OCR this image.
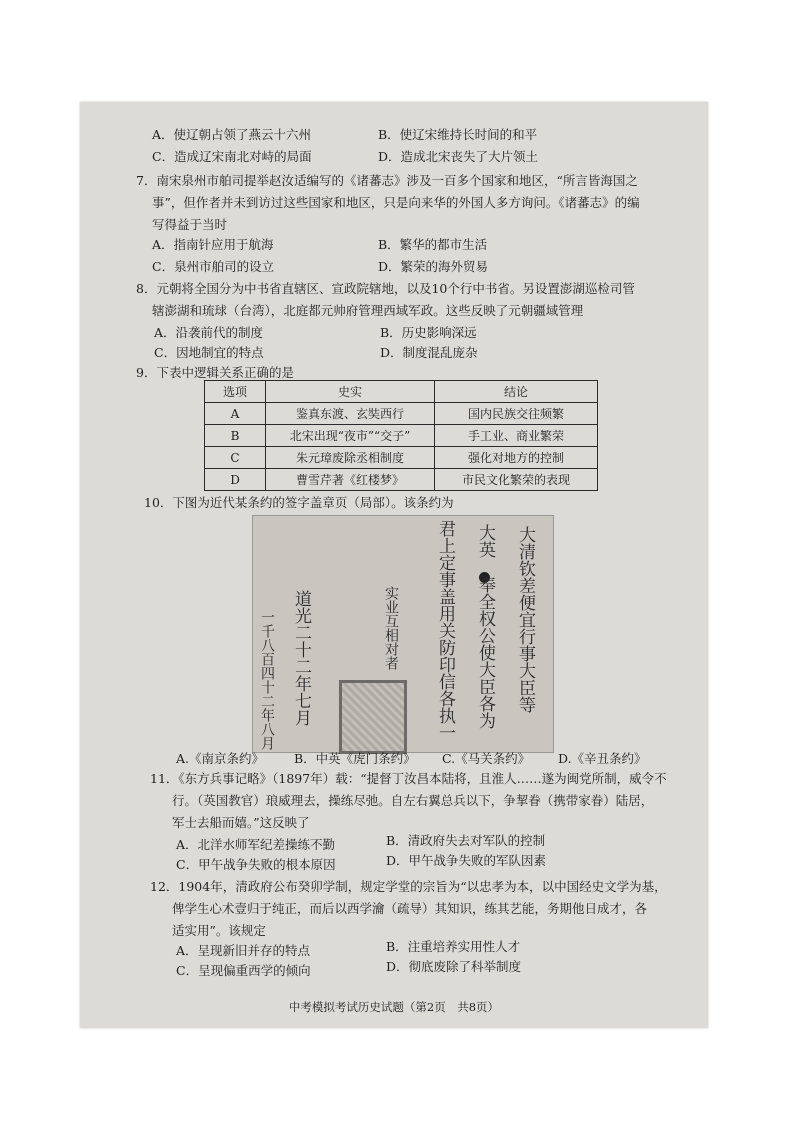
A．使辽朝占领了燕云十六州	B．使辽宋维持长时间的和平
C．造成辽宋南北对峙的局面	D．造成北宋丧失了大片领土
7．南宋泉州市舶司提举赵汝适编写的《诸蕃志》涉及一百多个国家和地区，“所言皆海国之
事”，但作者并未到访过这些国家和地区，只是向来华的外国人多方询问。《诸蕃志》的编
写得益于当时
A．指南针应用于航海	B．繁华的都市生活
C．泉州市舶司的设立	D．繁荣的海外贸易
8．元朝将全国分为中书省直辖区、宣政院辖地，以及10个行中书省。另设置澎湖巡检司管
辖澎湖和琉球（台湾），北庭都元帅府管理西域军政。这些反映了元朝疆域管理
A．沿袭前代的制度	B．历史影响深远
C．因地制宜的特点	D．制度混乱庞杂
9．下表中逻辑关系正确的是
选项	史实	结论
A	鉴真东渡、玄奘西行	国内民族交往频繁
B	北宋出现“夜市”“交子”	手工业、商业繁荣
C	朱元璋废除丞相制度	强化对地方的控制
D	曹雪芹著《红楼梦》	市民文化繁荣的表现
10．下图为近代某条约的签字盖章页（局部）。该条约为
大清钦差便宜行事大臣等
大英
奉全权公使大臣各为
君上定事盖用关防印信各执一
实业互相对者
道光二十二年七月
一千八百四十二年八月
A.《南京条约》 B．中英《虎门条约》 C.《马关条约》 D.《辛丑条约》
11．《东方兵事记略》（1897年）载：“提督丁汝昌本陆将，且淮人……遂为闽党所制，威令不
行。（英国教官）琅威理去，操练尽弛。自左右翼总兵以下，争挈眷（携带家眷）陆居，
军士去船而嬉。”这反映了
A．北洋水师军纪差操练不勤	B．清政府失去对军队的控制
C．甲午战争失败的根本原因	D．甲午战争失败的军队因素
12．1904年，清政府公布癸卯学制，规定学堂的宗旨为“以忠孝为本，以中国经史文学为基，
俾学生心术壹归于纯正，而后以西学瀹（疏导）其知识，练其艺能，务期他日成才，各
适实用”。该规定
A．呈现新旧并存的特点	B．注重培养实用性人才
C．呈现偏重西学的倾向	D．彻底废除了科举制度
中考模拟考试历史试题（第2页　共8页）
